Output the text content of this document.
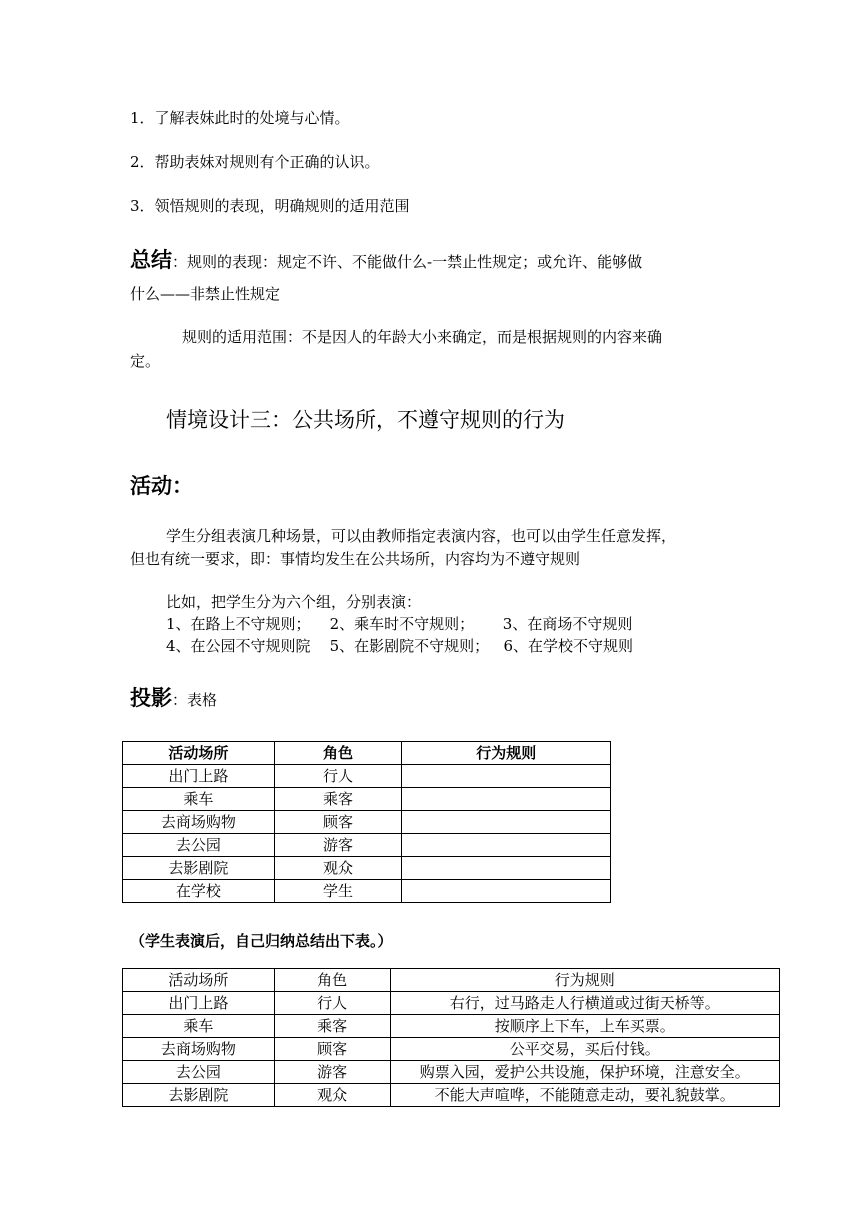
1．了解表妹此时的处境与心情。
2．帮助表妹对规则有个正确的认识。
3．领悟规则的表现，明确规则的适用范围
总结：规则的表现：规定不许、不能做什么-一禁止性规定；或允许、能够做
什么——非禁止性规定
规则的适用范围：不是因人的年龄大小来确定，而是根据规则的内容来确
定。
情境设计三：公共场所，不遵守规则的行为
活动：
学生分组表演几种场景，可以由教师指定表演内容，也可以由学生任意发挥，
但也有统一要求，即：事情均发生在公共场所，内容均为不遵守规则
比如，把学生分为六个组，分别表演：
1、在路上不守规则；    2、乘车时不守规则；      3、在商场不守规则
4、在公园不守规则院    5、在影剧院不守规则；   6、在学校不守规则
投影：表格
活动场所	角色	行为规则
出门上路	行人	
乘车	乘客	
去商场购物	顾客	
去公园	游客	
去影剧院	观众	
在学校	学生	
（学生表演后，自己归纳总结出下表。）
活动场所	角色	行为规则
出门上路	行人	右行，过马路走人行横道或过街天桥等。
乘车	乘客	按顺序上下车，上车买票。
去商场购物	顾客	公平交易，买后付钱。
去公园	游客	购票入园，爱护公共设施，保护环境，注意安全。
去影剧院	观众	不能大声喧哗，不能随意走动，要礼貌鼓掌。
